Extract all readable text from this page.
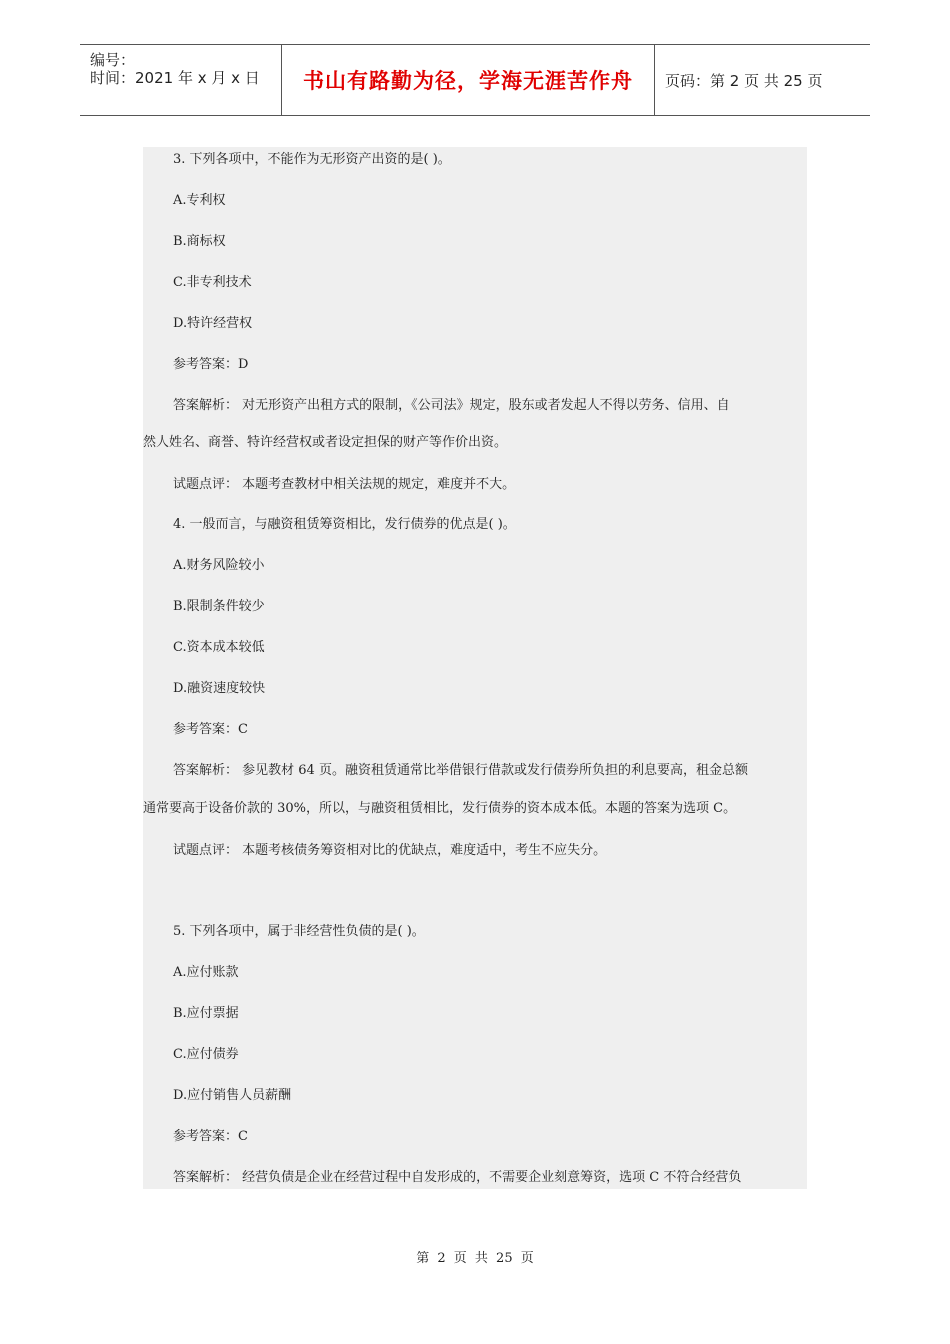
编号：
时间：2021 年 x 月 x 日	书山有路勤为径，学海无涯苦作舟	页码：第 2 页 共 25 页
3. 下列各项中，不能作为无形资产出资的是( )。
A.专利权
B.商标权
C.非专利技术
D.特许经营权
参考答案：D
答案解析： 对无形资产出租方式的限制，《公司法》规定，股东或者发起人不得以劳务、信用、自
然人姓名、商誉、特许经营权或者设定担保的财产等作价出资。
试题点评： 本题考查教材中相关法规的规定，难度并不大。
4. 一般而言，与融资租赁筹资相比，发行债券的优点是( )。
A.财务风险较小
B.限制条件较少
C.资本成本较低
D.融资速度较快
参考答案：C
答案解析： 参见教材 64 页。融资租赁通常比举借银行借款或发行债券所负担的利息要高，租金总额
通常要高于设备价款的 30%，所以，与融资租赁相比，发行债券的资本成本低。本题的答案为选项 C。
试题点评： 本题考核债务筹资相对比的优缺点，难度适中，考生不应失分。
5. 下列各项中，属于非经营性负债的是( )。
A.应付账款
B.应付票据
C.应付债券
D.应付销售人员薪酬
参考答案：C
答案解析： 经营负债是企业在经营过程中自发形成的，不需要企业刻意筹资，选项 C 不符合经营负
第 2 页 共 25 页
